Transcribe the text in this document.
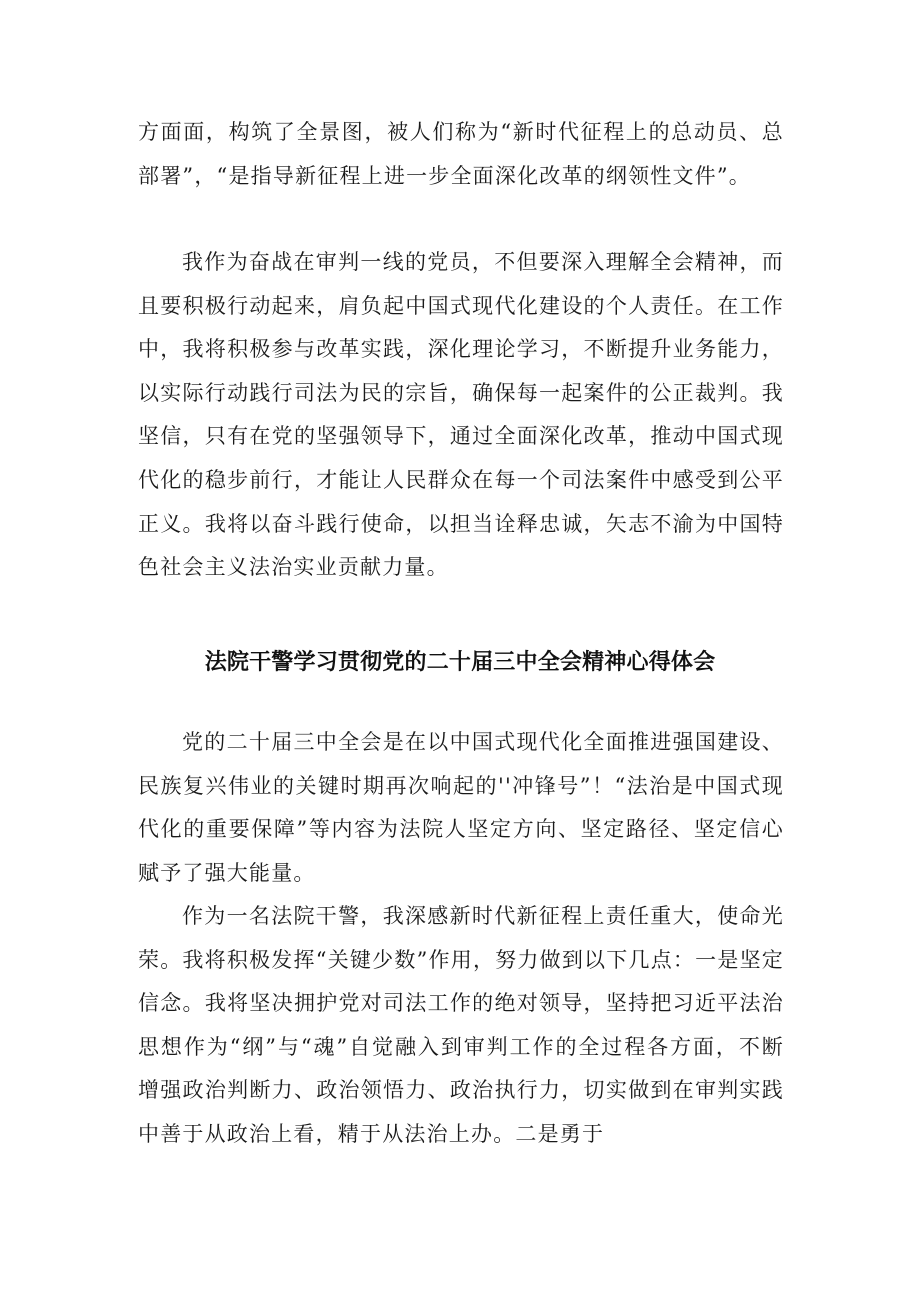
方面面，构筑了全景图，被人们称为“新时代征程上的总动员、总部署”，“是指导新征程上进一步全面深化改革的纲领性文件”。

我作为奋战在审判一线的党员，不但要深入理解全会精神，而且要积极行动起来，肩负起中国式现代化建设的个人责任。在工作中，我将积极参与改革实践，深化理论学习，不断提升业务能力，以实际行动践行司法为民的宗旨，确保每一起案件的公正裁判。我坚信，只有在党的坚强领导下，通过全面深化改革，推动中国式现代化的稳步前行，才能让人民群众在每一个司法案件中感受到公平正义。我将以奋斗践行使命，以担当诠释忠诚，矢志不渝为中国特色社会主义法治实业贡献力量。

法院干警学习贯彻党的二十届三中全会精神心得体会

党的二十届三中全会是在以中国式现代化全面推进强国建设、民族复兴伟业的关键时期再次响起的''冲锋号”！“法治是中国式现代化的重要保障”等内容为法院人坚定方向、坚定路径、坚定信心赋予了强大能量。

作为一名法院干警，我深感新时代新征程上责任重大，使命光荣。我将积极发挥“关键少数”作用，努力做到以下几点：一是坚定信念。我将坚决拥护党对司法工作的绝对领导，坚持把习近平法治思想作为“纲”与“魂”自觉融入到审判工作的全过程各方面，不断增强政治判断力、政治领悟力、政治执行力，切实做到在审判实践中善于从政治上看，精于从法治上办。二是勇于
